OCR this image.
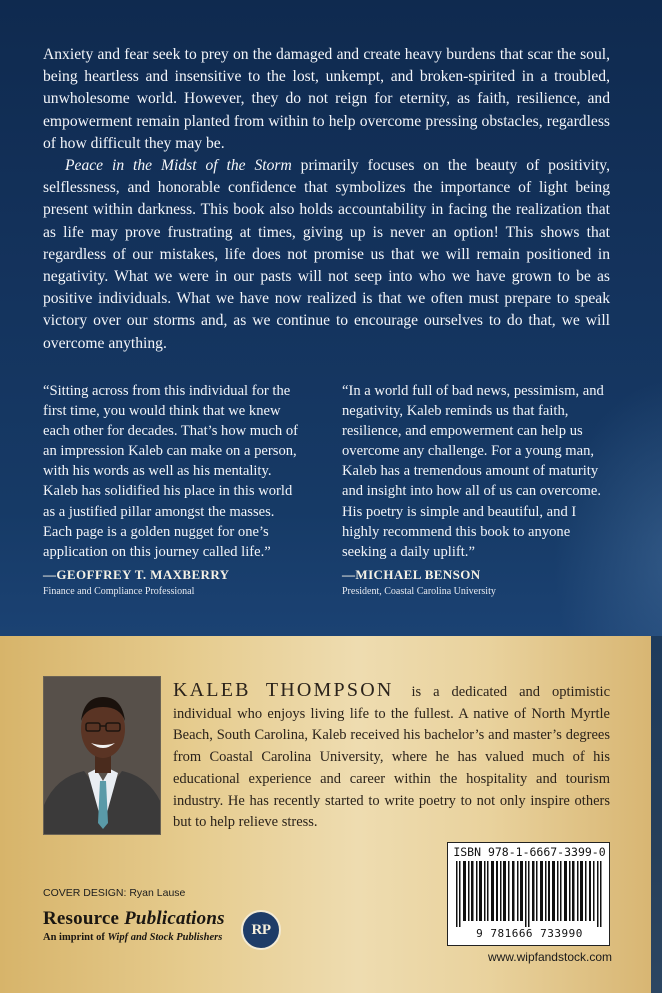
Anxiety and fear seek to prey on the damaged and create heavy burdens that scar the soul, being heartless and insensitive to the lost, unkempt, and broken-spirited in a troubled, unwholesome world. However, they do not reign for eternity, as faith, resilience, and empowerment remain planted from within to help overcome pressing obstacles, regardless of how difficult they may be.

Peace in the Midst of the Storm primarily focuses on the beauty of positivity, selflessness, and honorable confidence that symbolizes the importance of light being present within darkness. This book also holds accountability in facing the realization that as life may prove frustrating at times, giving up is never an option! This shows that regardless of our mistakes, life does not promise us that we will remain positioned in negativity. What we were in our pasts will not seep into who we have grown to be as positive individuals. What we have now realized is that we often must prepare to speak victory over our storms and, as we continue to encourage ourselves to do that, we will overcome anything.

“Sitting across from this individual for the first time, you would think that we knew each other for decades. That’s how much of an impression Kaleb can make on a person, with his words as well as his mentality. Kaleb has solidified his place in this world as a justified pillar amongst the masses. Each page is a golden nugget for one’s application on this journey called life.”
—GEOFFREY T. MAXBERRY
Finance and Compliance Professional
“In a world full of bad news, pessimism, and negativity, Kaleb reminds us that faith, resilience, and empowerment can help us overcome any challenge. For a young man, Kaleb has a tremendous amount of maturity and insight into how all of us can overcome. His poetry is simple and beautiful, and I highly recommend this book to anyone seeking a daily uplift.”
—MICHAEL BENSON
President, Coastal Carolina University
KALEB THOMPSON is a dedicated and optimistic individual who enjoys living life to the fullest. A native of North Myrtle Beach, South Carolina, Kaleb received his bachelor’s and master’s degrees from Coastal Carolina University, where he has valued much of his educational experience and career within the hospitality and tourism industry. He has recently started to write poetry to not only inspire others but to help relieve stress.
COVER DESIGN: Ryan Lause
Resource Publications
An imprint of Wipf and Stock Publishers	RP
ISBN 978-1-6667-3399-0
9 781666 733990
www.wipfandstock.com
